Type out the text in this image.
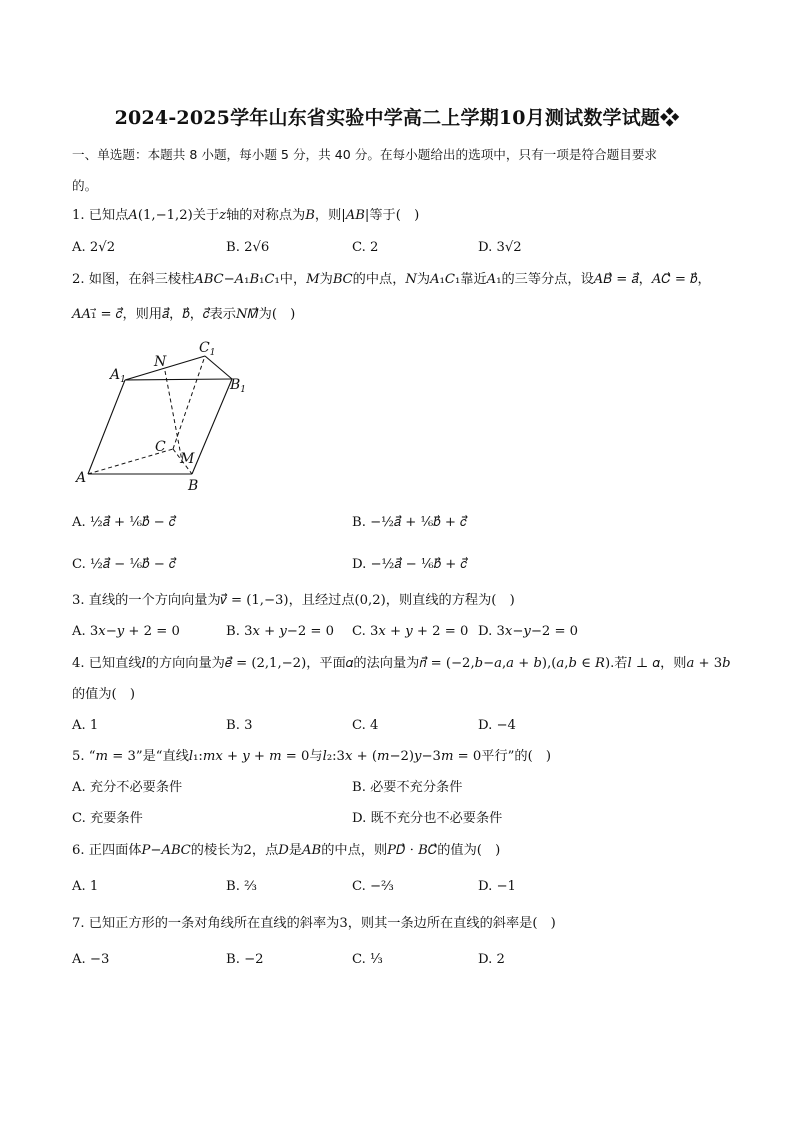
2024-2025学年山东省实验中学高二上学期10月测试数学试题❖
一、单选题：本题共 8 小题，每小题 5 分，共 40 分。在每小题给出的选项中，只有一项是符合题目要求
的。
1. 已知点𝐴(1,−1,2)关于𝑧轴的对称点为𝐵，则|𝐴𝐵|等于(　)
A. 2√2	B. 2√6	C. 2	D. 3√2
2. 如图，在斜三棱柱𝐴𝐵𝐶−𝐴₁𝐵₁𝐶₁中，𝑀为𝐵𝐶的中点，𝑁为𝐴₁𝐶₁靠近𝐴₁的三等分点，设𝐴𝐵⃗ = 𝑎⃗，𝐴𝐶⃗ = 𝑏⃗，
𝐴𝐴₁⃗ = 𝑐⃗，则用𝑎⃗，𝑏⃗，𝑐⃗表示𝑁𝑀⃗为(　)
$A_1$
N
$C_1$
$B_1$
C
M
A	B
A. ½𝑎⃗ + ⅙𝑏⃗ − 𝑐⃗	B. −½𝑎⃗ + ⅙𝑏⃗ + 𝑐⃗
C. ½𝑎⃗ − ⅙𝑏⃗ − 𝑐⃗	D. −½𝑎⃗ − ⅙𝑏⃗ + 𝑐⃗
3. 直线的一个方向向量为𝑣⃗ = (1,−3)，且经过点(0,2)，则直线的方程为(　)
A. 3𝑥−𝑦 + 2 = 0	B. 3𝑥 + 𝑦−2 = 0 C. 3𝑥 + 𝑦 + 2 = 0 D. 3𝑥−𝑦−2 = 0
4. 已知直线𝑙的方向向量为𝑒⃗ = (2,1,−2)，平面𝛼的法向量为𝑛⃗ = (−2,𝑏−𝑎,𝑎 + 𝑏),(𝑎,𝑏 ∈ 𝑅).若𝑙 ⊥ 𝛼，则𝑎 + 3𝑏
的值为(　)
A. 1	B. 3	C. 4	D. −4
5. “𝑚 = 3”是“直线𝑙₁:𝑚𝑥 + 𝑦 + 𝑚 = 0与𝑙₂:3𝑥 + (𝑚−2)𝑦−3𝑚 = 0平行”的(　)
A. 充分不必要条件	B. 必要不充分条件
C. 充要条件	D. 既不充分也不必要条件
6. 正四面体𝑃−𝐴𝐵𝐶的棱长为2，点𝐷是𝐴𝐵的中点，则𝑃𝐷⃗ ⋅ 𝐵𝐶⃗的值为(　)
A. 1	B. ⅔	C. −⅔	D. −1
7. 已知正方形的一条对角线所在直线的斜率为3，则其一条边所在直线的斜率是(　)
A. −3	B. −2	C. ⅓	D. 2
